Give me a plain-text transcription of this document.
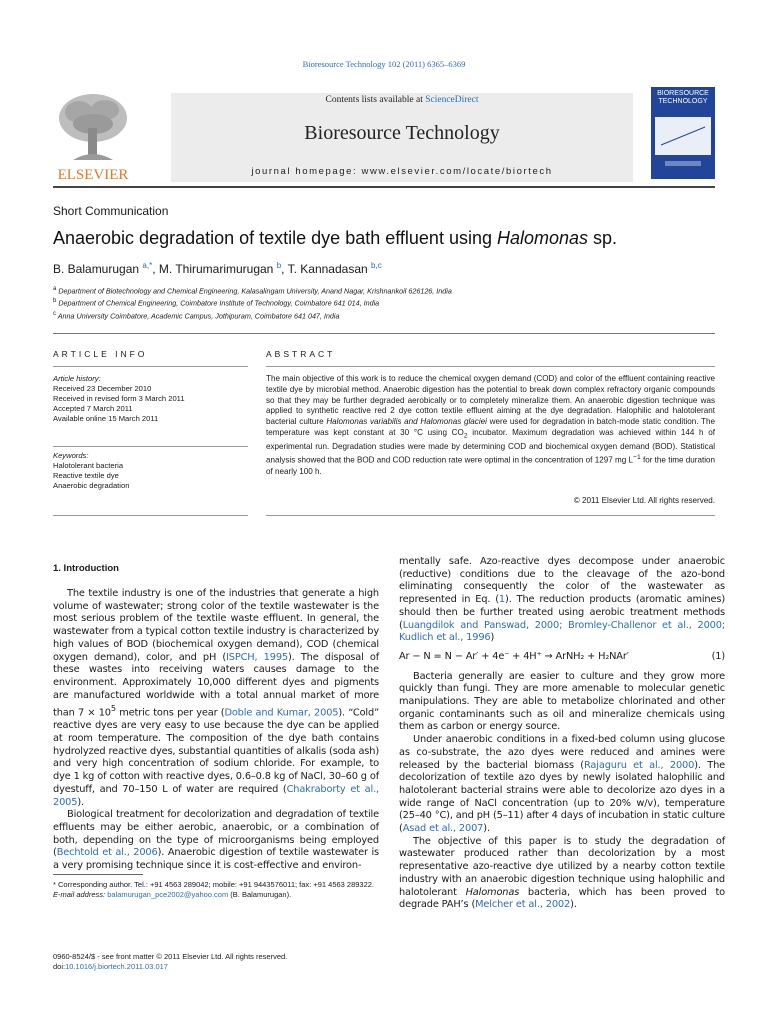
Bioresource Technology 102 (2011) 6365–6369
Contents lists available at ScienceDirect
Bioresource Technology
journal homepage: www.elsevier.com/locate/biortech
ELSEVIER
BIORESOURCE
TECHNOLOGY
Short Communication
Anaerobic degradation of textile dye bath effluent using Halomonas sp.
B. Balamurugan $^{a,*}$, M. Thirumarimurugan $^b$, T. Kannadasan $^{b,c}$
$^a$ Department of Biotechnology and Chemical Engineering, Kalasalingam University, Anand Nagar, Krishnankoil 626126, India
$^b$ Department of Chemical Engineering, Coimbatore Institute of Technology, Coimbatore 641 014, India
$^c$ Anna University Coimbatore, Academic Campus, Jothipuram, Coimbatore 641 047, India
ARTICLE INFO
Article history:
Received 23 December 2010
Received in revised form 3 March 2011
Accepted 7 March 2011
Available online 15 March 2011
Keywords:
Halotolerant bacteria
Reactive textile dye
Anaerobic degradation
ABSTRACT
The main objective of this work is to reduce the chemical oxygen demand (COD) and color of the effluent containing reactive textile dye by microbial method. Anaerobic digestion has the potential to break down complex refractory organic compounds so that they may be further degraded aerobically or to completely mineralize them. An anaerobic digestion technique was applied to synthetic reactive red 2 dye cotton textile effluent aiming at the dye degradation. Halophilic and halotolerant bacterial culture Halomonas variabilis and Halomonas glaciei were used for degradation in batch-mode static condition. The temperature was kept constant at 30 °C using $CO_2$ incubator. Maximum degradation was achieved within 144 h of experimental run. Degradation studies were made by determining COD and biochemical oxygen demand (BOD). Statistical analysis showed that the BOD and COD reduction rate were optimal in the concentration of 1297 mg $L^{-1}$ for the time duration of nearly 100 h.
© 2011 Elsevier Ltd. All rights reserved.
1. Introduction

The textile industry is one of the industries that generate a high volume of wastewater; strong color of the textile wastewater is the most serious problem of the textile waste effluent. In general, the wastewater from a typical cotton textile industry is characterized by high values of BOD (biochemical oxygen demand), COD (chemical oxygen demand), color, and pH (ISPCH, 1995). The disposal of these wastes into receiving waters causes damage to the environment. Approximately 10,000 different dyes and pigments are manufactured worldwide with a total annual market of more than $7 \times 10^5$ metric tons per year (Doble and Kumar, 2005). “Cold” reactive dyes are very easy to use because the dye can be applied at room temperature. The composition of the dye bath contains hydrolyzed reactive dyes, substantial quantities of alkalis (soda ash) and very high concentration of sodium chloride. For example, to dye 1 kg of cotton with reactive dyes, 0.6–0.8 kg of NaCl, 30–60 g of dyestuff, and 70–150 L of water are required (Chakraborty et al., 2005).

Biological treatment for decolorization and degradation of textile effluents may be either aerobic, anaerobic, or a combination of both, depending on the type of microorganisms being employed (Bechtold et al., 2006). Anaerobic digestion of textile wastewater is a very promising technique since it is cost-effective and environ-

mentally safe. Azo-reactive dyes decompose under anaerobic (reductive) conditions due to the cleavage of the azo-bond eliminating consequently the color of the wastewater as represented in Eq. (1). The reduction products (aromatic amines) should then be further treated using aerobic treatment methods (Luangdilok and Panswad, 2000; Bromley-Challenor et al., 2000; Kudlich et al., 1996)

Ar − N = N − Ar′ + 4e⁻ + 4H⁺ → ArNH₂ + H₂NAr′	(1)

Bacteria generally are easier to culture and they grow more quickly than fungi. They are more amenable to molecular genetic manipulations. They are able to metabolize chlorinated and other organic contaminants such as oil and mineralize chemicals using them as carbon or energy source.

Under anaerobic conditions in a fixed-bed column using glucose as co-substrate, the azo dyes were reduced and amines were released by the bacterial biomass (Rajaguru et al., 2000). The decolorization of textile azo dyes by newly isolated halophilic and halotolerant bacterial strains were able to decolorize azo dyes in a wide range of NaCl concentration (up to 20% w/v), temperature (25–40 °C), and pH (5–11) after 4 days of incubation in static culture (Asad et al., 2007).

The objective of this paper is to study the degradation of wastewater produced rather than decolorization by a most representative azo-reactive dye utilized by a nearby cotton textile industry with an anaerobic digestion technique using halophilic and halotolerant Halomonas bacteria, which has been proved to degrade PAH’s (Melcher et al., 2002).

* Corresponding author. Tel.: +91 4563 289042; mobile: +91 9443576011; fax: +91 4563 289322.
E-mail address: balamurugan_pce2002@yahoo.com (B. Balamurugan).
0960-8524/$ - see front matter © 2011 Elsevier Ltd. All rights reserved.
doi:10.1016/j.biortech.2011.03.017
